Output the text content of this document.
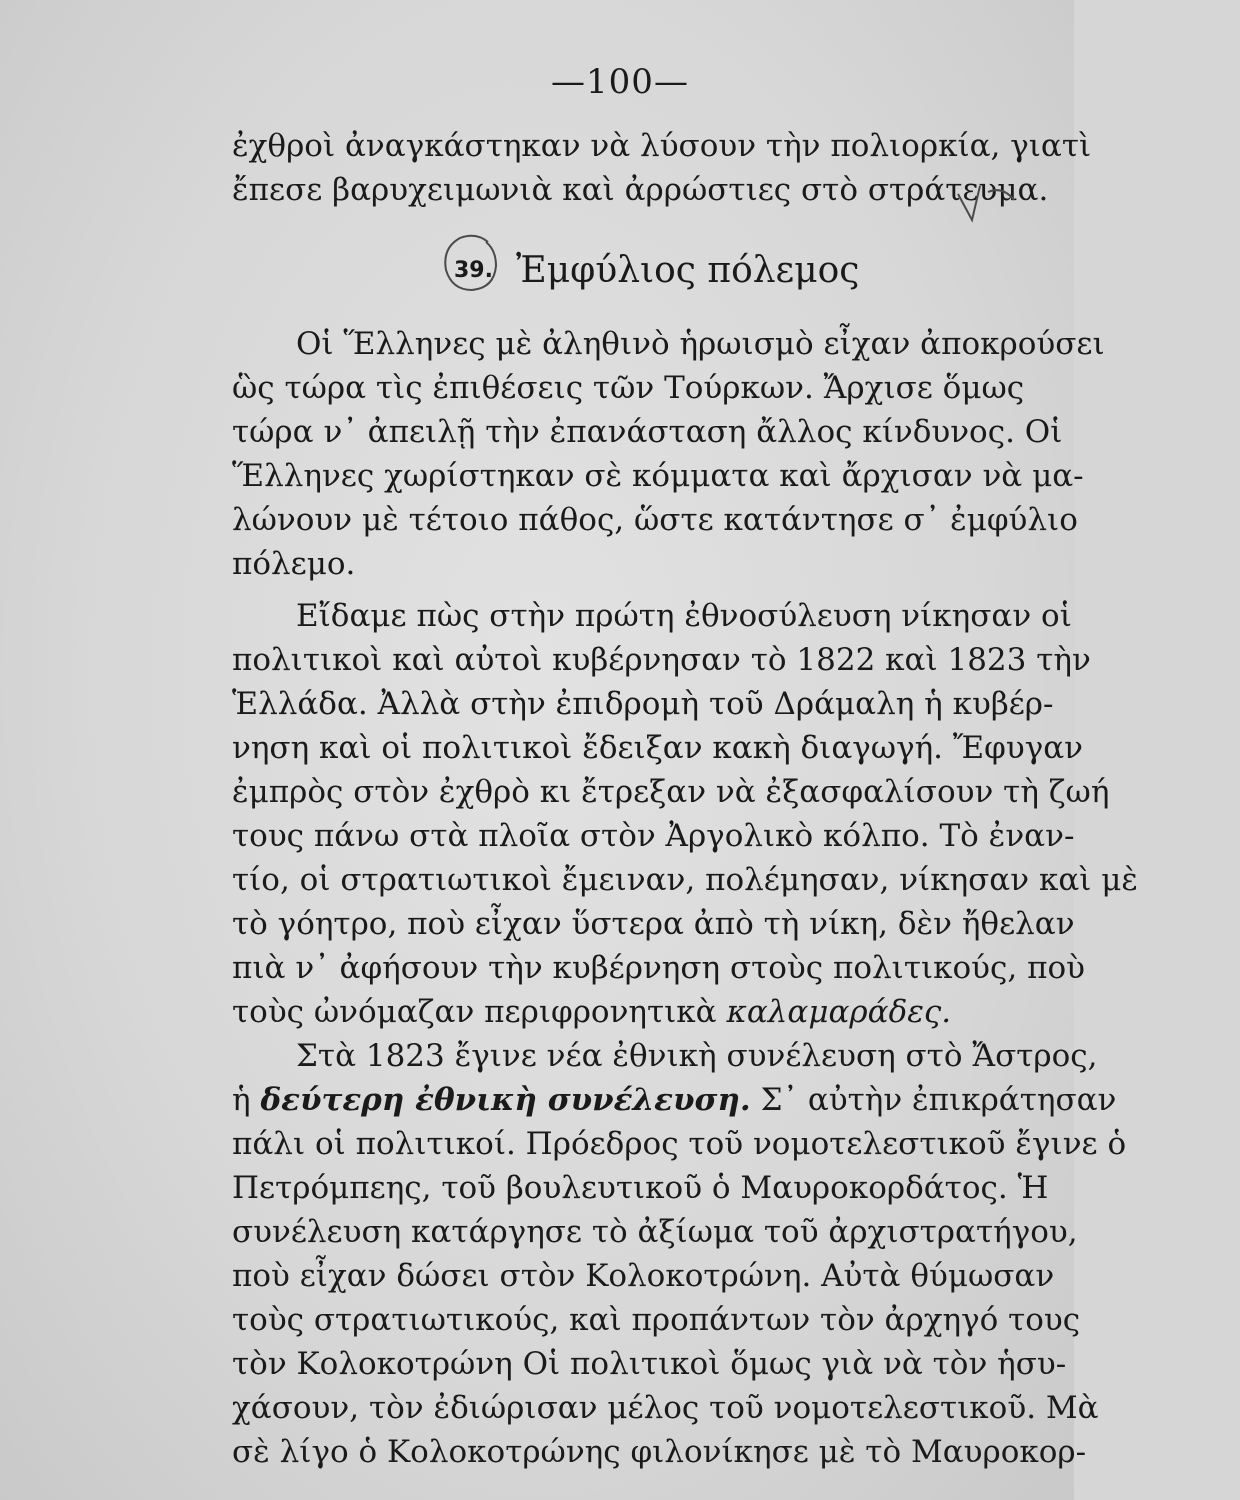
—100—
ἐχθροὶ ἀναγκάστηκαν νὰ λύσουν τὴν πολιορκία, γιατὶ
ἔπεσε βαρυχειμωνιὰ καὶ ἀρρώστιες στὸ στράτευμα.
39. Ἐμφύλιος πόλεμος
Οἱ Ἕλληνες μὲ ἀληθινὸ ἡρωισμὸ εἶχαν ἀποκρούσει
ὣς τώρα τὶς ἐπιθέσεις τῶν Τούρκων. Ἄρχισε ὅμως
τώρα ν᾿ ἀπειλῇ τὴν ἐπανάσταση ἄλλος κίνδυνος. Οἱ
Ἕλληνες χωρίστηκαν σὲ κόμματα καὶ ἄρχισαν νὰ μα-
λώνουν μὲ τέτοιο πάθος, ὥστε κατάντησε σ᾿ ἐμφύλιο
πόλεμο.
Εἴδαμε πὼς στὴν πρώτη ἐθνοσύλευση νίκησαν οἱ
πολιτικοὶ καὶ αὐτοὶ κυβέρνησαν τὸ 1822 καὶ 1823 τὴν
Ἑλλάδα. Ἀλλὰ στὴν ἐπιδρομὴ τοῦ Δράμαλη ἡ κυβέρ-
νηση καὶ οἱ πολιτικοὶ ἔδειξαν κακὴ διαγωγή. Ἔφυγαν
ἐμπρὸς στὸν ἐχθρὸ κι ἔτρεξαν νὰ ἐξασφαλίσουν τὴ ζωή
τους πάνω στὰ πλοῖα στὸν Ἀργολικὸ κόλπο. Τὸ ἐναν-
τίο, οἱ στρατιωτικοὶ ἔμειναν, πολέμησαν, νίκησαν καὶ μὲ
τὸ γόητρο, ποὺ εἶχαν ὕστερα ἀπὸ τὴ νίκη, δὲν ἤθελαν
πιὰ ν᾿ ἀφήσουν τὴν κυβέρνηση στοὺς πολιτικούς, ποὺ
τοὺς ὠνόμαζαν περιφρονητικὰ καλαμαράδες.
Στὰ 1823 ἔγινε νέα ἐθνικὴ συνέλευση στὸ Ἄστρος,
ἡ δεύτερη ἐθνικὴ συνέλευση. Σ᾿ αὐτὴν ἐπικράτησαν
πάλι οἱ πολιτικοί. Πρόεδρος τοῦ νομοτελεστικοῦ ἔγινε ὁ
Πετρόμπεης, τοῦ βουλευτικοῦ ὁ Μαυροκορδάτος. Ἡ
συνέλευση κατάργησε τὸ ἀξίωμα τοῦ ἀρχιστρατήγου,
ποὺ εἶχαν δώσει στὸν Κολοκοτρώνη. Αὐτὰ θύμωσαν
τοὺς στρατιωτικούς, καὶ προπάντων τὸν ἀρχηγό τους
τὸν Κολοκοτρώνη Οἱ πολιτικοὶ ὅμως γιὰ νὰ τὸν ἡσυ-
χάσουν, τὸν ἐδιώρισαν μέλος τοῦ νομοτελεστικοῦ. Μὰ
σὲ λίγο ὁ Κολοκοτρώνης φιλονίκησε μὲ τὸ Μαυροκορ-
